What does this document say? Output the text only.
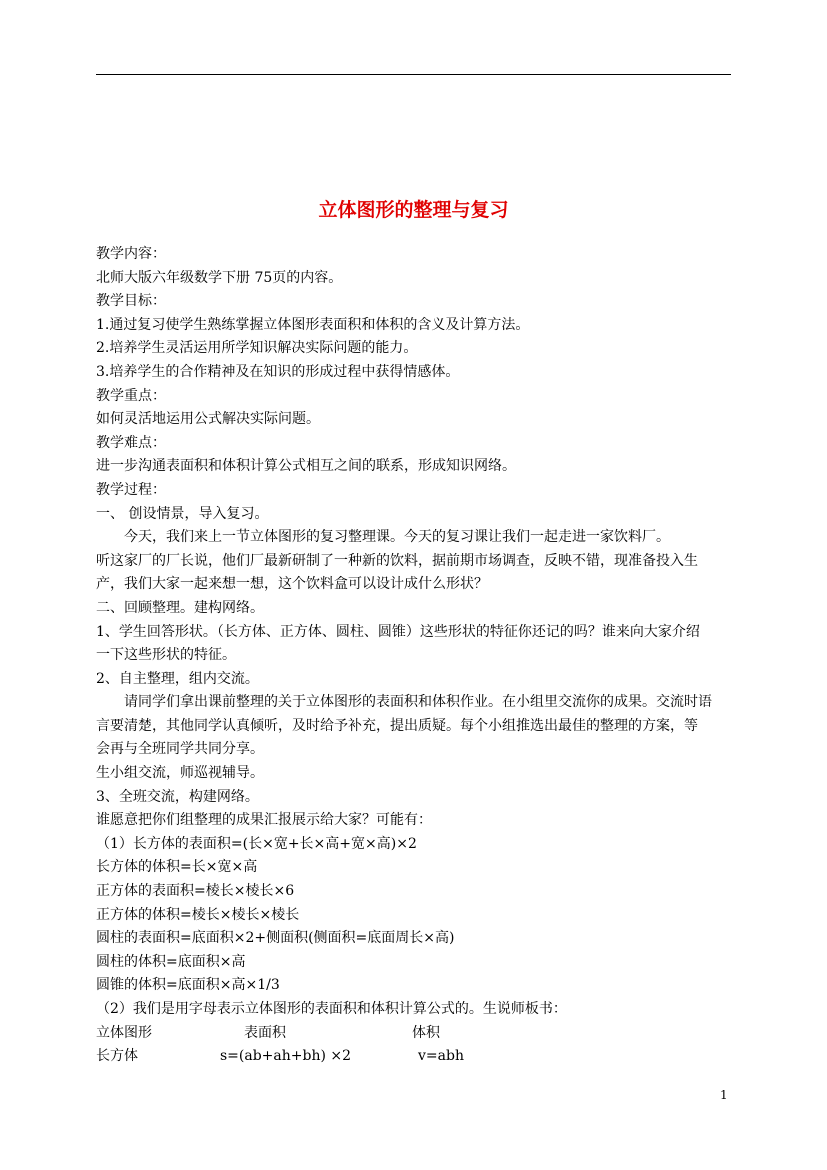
立体图形的整理与复习
教学内容：
北师大版六年级数学下册 75页的内容。
教学目标：
1.通过复习使学生熟练掌握立体图形表面积和体积的含义及计算方法。
2.培养学生灵活运用所学知识解决实际问题的能力。
3.培养学生的合作精神及在知识的形成过程中获得情感体。
教学重点：
如何灵活地运用公式解决实际问题。
教学难点：
进一步沟通表面积和体积计算公式相互之间的联系，形成知识网络。
教学过程：
一、 创设情景，导入复习。
今天，我们来上一节立体图形的复习整理课。今天的复习课让我们一起走进一家饮料厂。
听这家厂的厂长说，他们厂最新研制了一种新的饮料，据前期市场调查，反映不错，现准备投入生
产，我们大家一起来想一想，这个饮料盒可以设计成什么形状？
二、回顾整理。建构网络。
1、学生回答形状。（长方体、正方体、圆柱、圆锥）这些形状的特征你还记的吗？谁来向大家介绍
一下这些形状的特征。
2、自主整理，组内交流。
请同学们拿出课前整理的关于立体图形的表面积和体积作业。在小组里交流你的成果。交流时语
言要清楚，其他同学认真倾听，及时给予补充，提出质疑。每个小组推选出最佳的整理的方案，等
会再与全班同学共同分享。
生小组交流，师巡视辅导。
3、全班交流，构建网络。
谁愿意把你们组整理的成果汇报展示给大家？可能有：
（1）长方体的表面积=(长×宽+长×高+宽×高)×2
长方体的体积=长×宽×高
正方体的表面积=棱长×棱长×6
正方体的体积=棱长×棱长×棱长
圆柱的表面积=底面积×2+侧面积(侧面积=底面周长×高)
圆柱的体积=底面积×高
圆锥的体积=底面积×高×1/3
（2）我们是用字母表示立体图形的表面积和体积计算公式的。生说师板书：
立体图形	表面积	体积
长方体	s=(ab+ah+bh) ×2	v=abh
1
